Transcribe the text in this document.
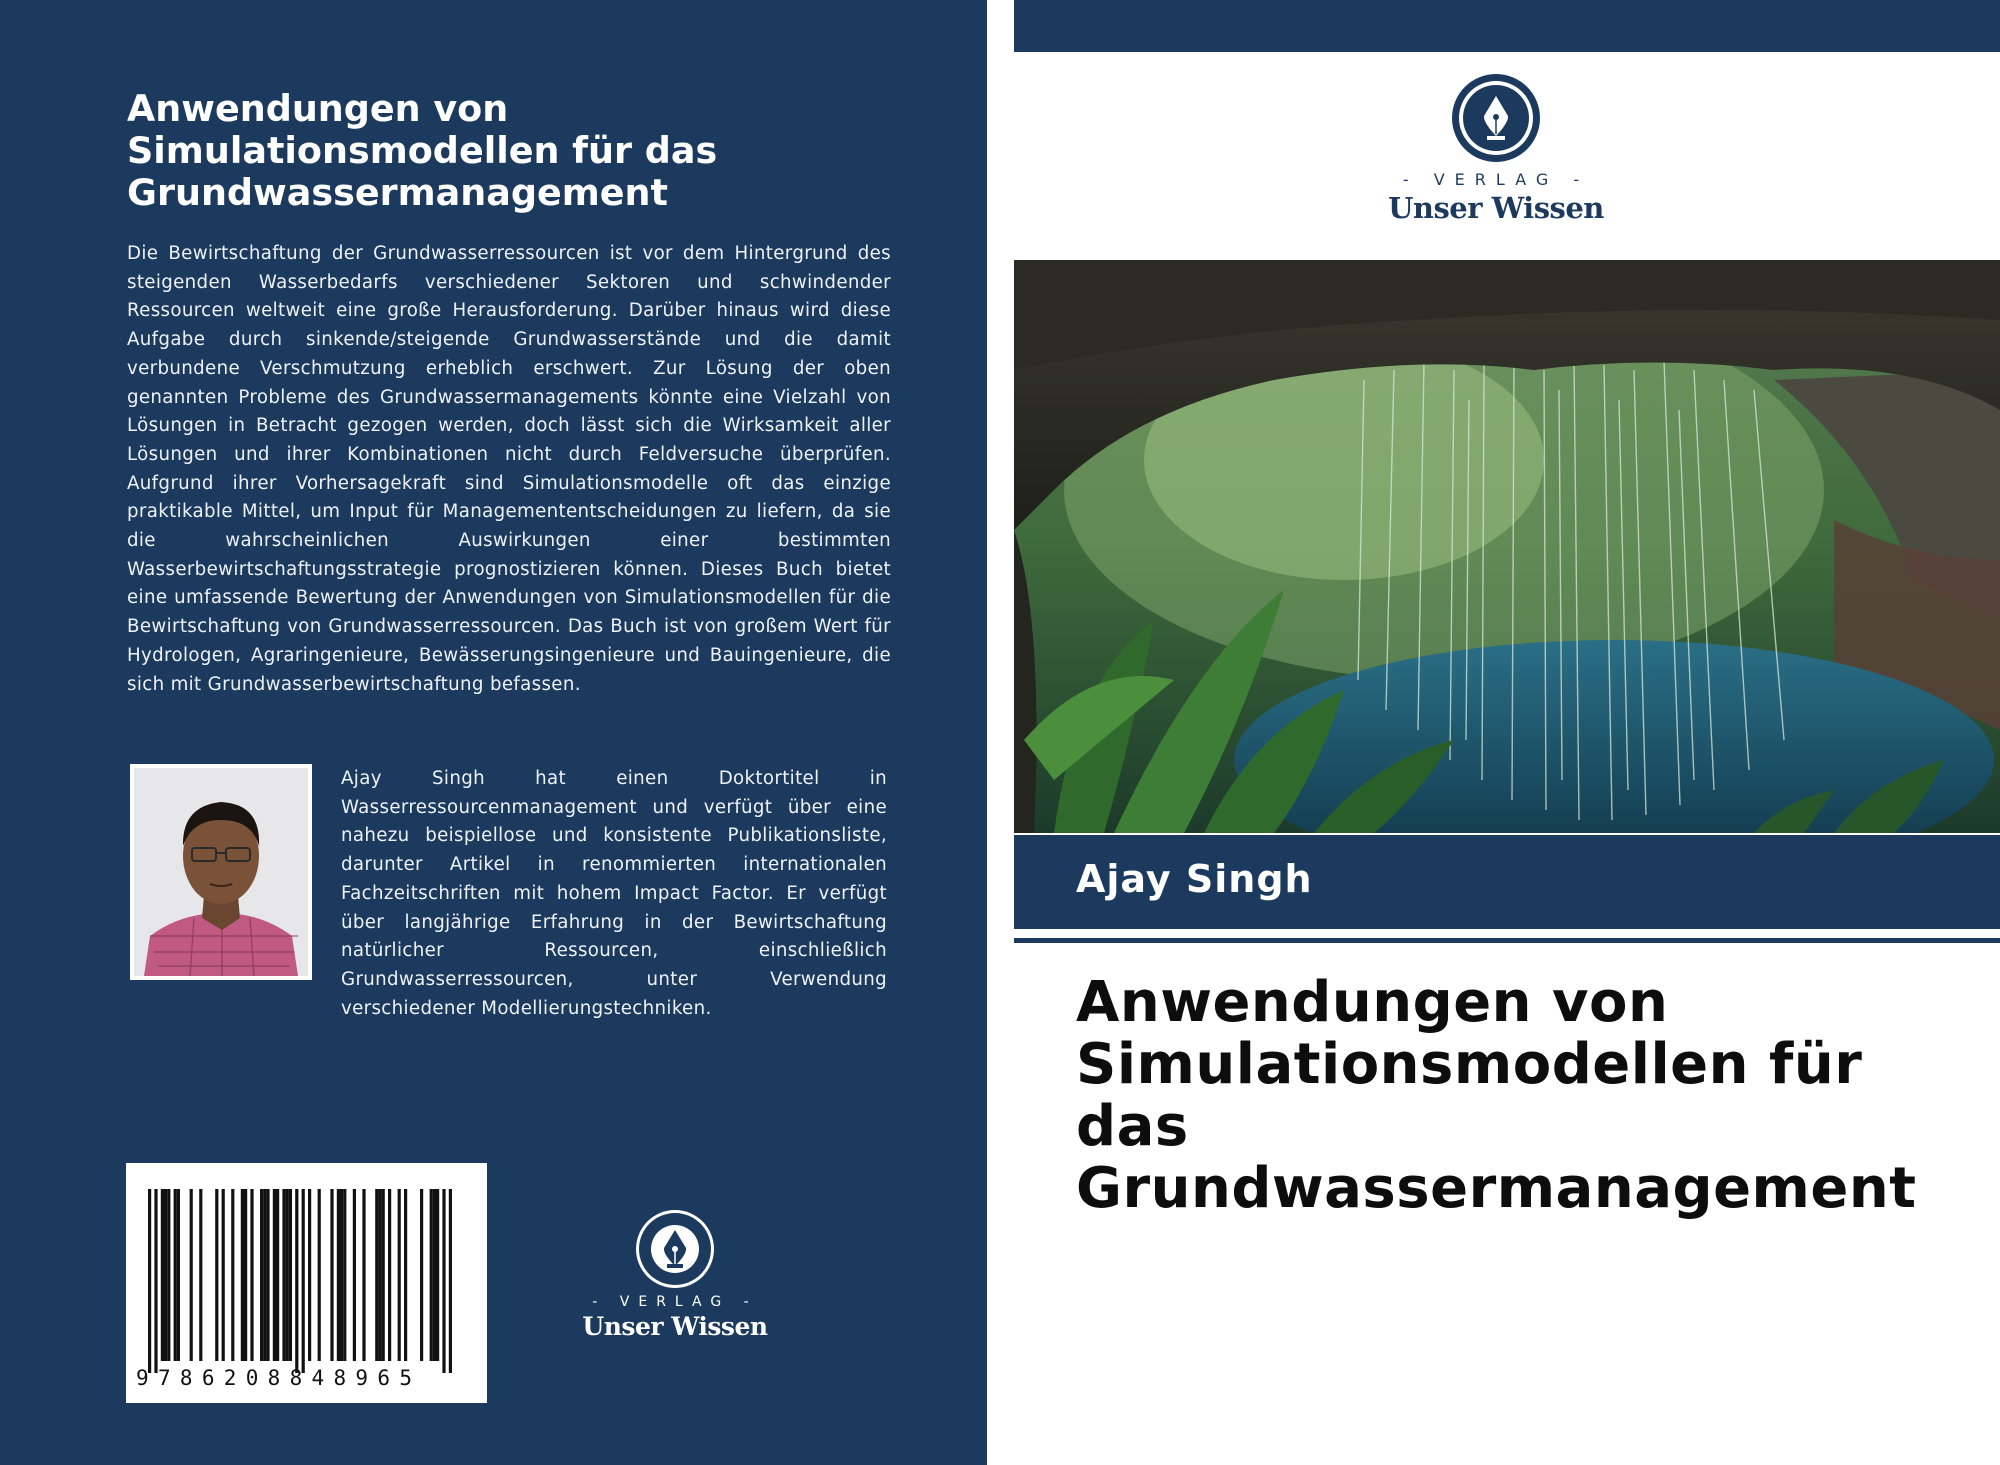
Anwendungen von Simulationsmodellen für das Grundwassermanagement
Die Bewirtschaftung der Grundwasserressourcen ist vor dem Hintergrund des steigenden Wasserbedarfs verschiedener Sektoren und schwindender Ressourcen weltweit eine große Herausforderung. Darüber hinaus wird diese Aufgabe durch sinkende/steigende Grundwasserstände und die damit verbundene Verschmutzung erheblich erschwert. Zur Lösung der oben genannten Probleme des Grundwassermanagements könnte eine Vielzahl von Lösungen in Betracht gezogen werden, doch lässt sich die Wirksamkeit aller Lösungen und ihrer Kombinationen nicht durch Feldversuche überprüfen. Aufgrund ihrer Vorhersagekraft sind Simulationsmodelle oft das einzige praktikable Mittel, um Input für Managemententscheidungen zu liefern, da sie die wahrscheinlichen Auswirkungen einer bestimmten Wasserbewirtschaftungsstrategie prognostizieren können. Dieses Buch bietet eine umfassende Bewertung der Anwendungen von Simulationsmodellen für die Bewirtschaftung von Grundwasserressourcen. Das Buch ist von großem Wert für Hydrologen, Agraringenieure, Bewässerungsingenieure und Bauingenieure, die sich mit Grundwasserbewirtschaftung befassen.
Ajay Singh hat einen Doktortitel in Wasserressourcenmanagement und verfügt über eine nahezu beispiellose und konsistente Publikationsliste, darunter Artikel in renommierten internationalen Fachzeitschriften mit hohem Impact Factor. Er verfügt über langjährige Erfahrung in der Bewirtschaftung natürlicher Ressourcen, einschließlich Grundwasserressourcen, unter Verwendung verschiedener Modellierungstechniken.
9786208848965
- VERLAG -
Unser Wissen
- VERLAG -
Unser Wissen
Ajay Singh
Anwendungen von Simulationsmodellen für das Grundwassermanagement
